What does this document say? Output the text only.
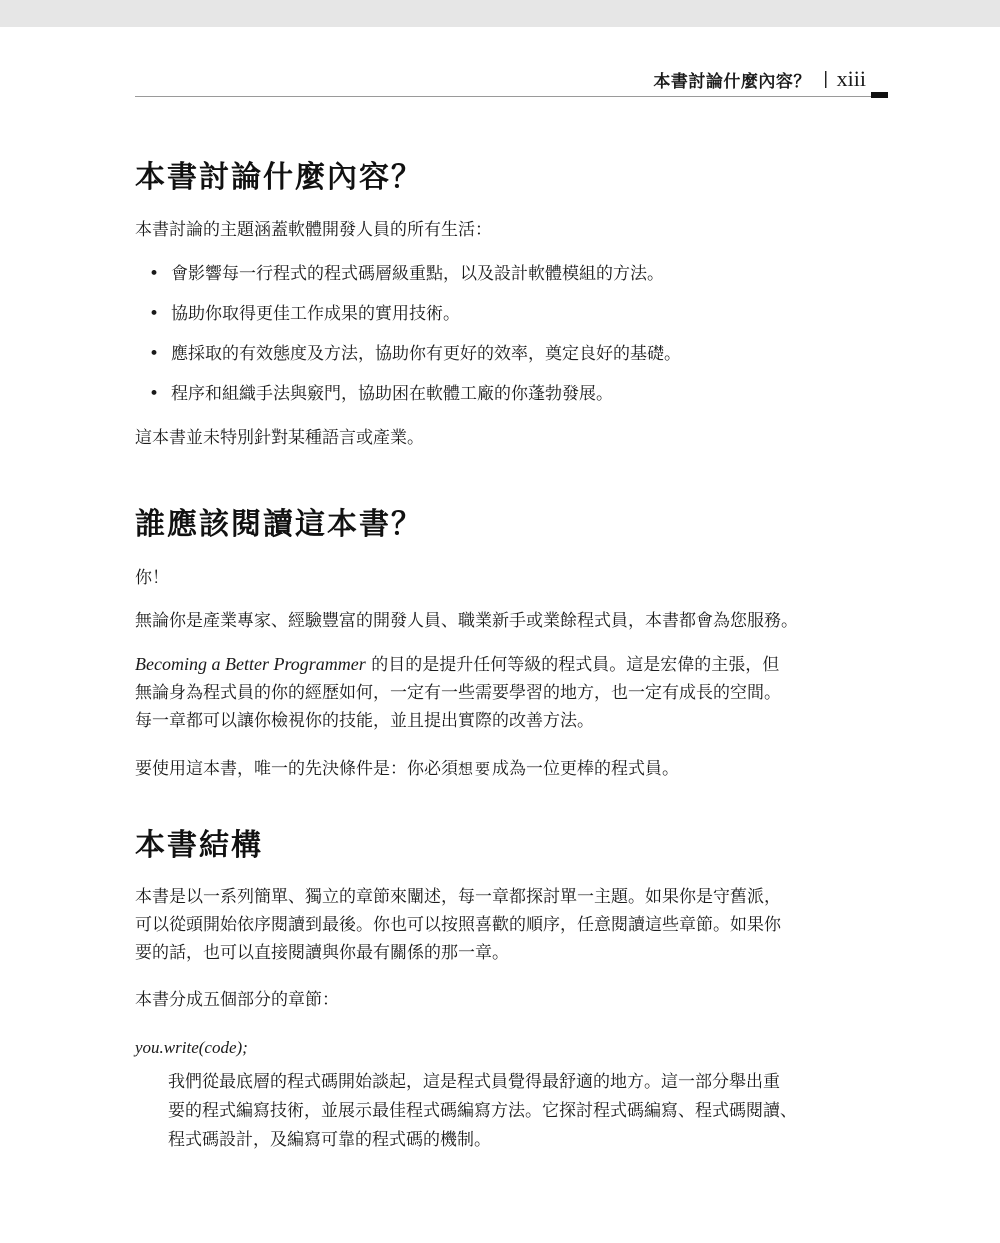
本書討論什麼內容？ | xiii
本書討論什麼內容？

本書討論的主題涵蓋軟體開發人員的所有生活：

• 會影響每一行程式的程式碼層級重點，以及設計軟體模組的方法。
• 協助你取得更佳工作成果的實用技術。
• 應採取的有效態度及方法，協助你有更好的效率，奠定良好的基礎。
• 程序和組織手法與竅門，協助困在軟體工廠的你蓬勃發展。

這本書並未特別針對某種語言或產業。

誰應該閱讀這本書？

你！

無論你是產業專家、經驗豐富的開發人員、職業新手或業餘程式員，本書都會為您服務。

Becoming a Better Programmer 的目的是提升任何等級的程式員。這是宏偉的主張，但

無論身為程式員的你的經歷如何，一定有一些需要學習的地方，也一定有成長的空間。

每一章都可以讓你檢視你的技能，並且提出實際的改善方法。

要使用這本書，唯一的先決條件是：你必須想要成為一位更棒的程式員。

本書結構

本書是以一系列簡單、獨立的章節來闡述，每一章都探討單一主題。如果你是守舊派，

可以從頭開始依序閱讀到最後。你也可以按照喜歡的順序，任意閱讀這些章節。如果你

要的話，也可以直接閱讀與你最有關係的那一章。

本書分成五個部分的章節：

you.write(code);

我們從最底層的程式碼開始談起，這是程式員覺得最舒適的地方。這一部分舉出重

要的程式編寫技術，並展示最佳程式碼編寫方法。它探討程式碼編寫、程式碼閱讀、

程式碼設計，及編寫可靠的程式碼的機制。
